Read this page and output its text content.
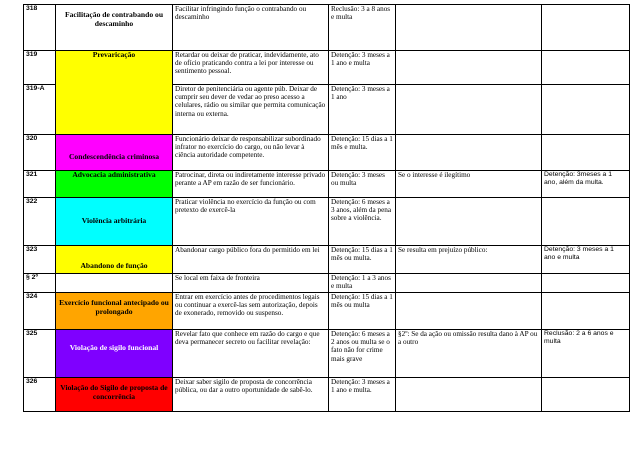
318	Facilitação de contrabando ou descaminho	Facilitar infringindo função o contrabando ou descaminho	Reclusão: 3 a 8 anos e multa		
319	Prevaricação	Retardar ou deixar de praticar, indevidamente, ato de ofício praticando contra a lei por interesse ou sentimento pessoal.	Detenção: 3 meses a 1 ano e multa		
319-A		Diretor de penitenciária ou agente púb. Deixar de cumprir seu dever de vedar ao preso acesso a celulares, rádio ou similar que permita comunicação interna ou externa.	Detenção: 3 meses a 1 ano		
320	Condescendência criminosa	Funcionário deixar de responsabilizar subordinado infrator no exercício do cargo, ou não levar à ciência autoridade competente.	Detenção: 15 dias a 1 mês e multa.		
321	Advocacia administrativa	Patrocinar, direta ou indiretamente interesse privado perante a AP em razão de ser funcionário.	Detenção: 3 meses ou multa	Se o interesse é ilegítimo	Detenção: 3meses a 1 ano, além da multa.
322	Violência arbitrária	Praticar violência no exercício da função ou com pretexto de exercê-la	Detenção: 6 meses a 3 anos, além da pena sobre a violência.		
323	Abandono de função	Abandonar cargo público fora do permitido em lei	Detenção: 15 dias a 1 mês ou multa.	Se resulta em prejuízo público:	Detenção: 3 meses a 1 ano e multa
§ 2º		Se local em faixa de fronteira	Detenção: 1 a 3 anos e multa		
324	Exercício funcional antecipado ou prolongado	Entrar em exercício antes de procedimentos legais ou continuar a exercê-las sem autorização, depois de exonerado, removido ou suspenso.	Detenção: 15 dias a 1 mês ou multa		
325	Violação de sigilo funcional	Revelar fato que conhece em razão do cargo e que deva permanecer secreto ou facilitar revelação:	Detenção: 6 meses a 2 anos ou multa se o fato não for crime mais grave	§2º: Se da ação ou omissão resulta dano à AP ou a outro	Reclusão: 2 a 6 anos e multa
326	Violação do Sigilo de proposta de concorrência	Deixar saber sigilo de proposta de concorrência pública, ou dar a outro oportunidade de sabê-lo.	Detenção: 3 meses a 1 ano e multa.		
